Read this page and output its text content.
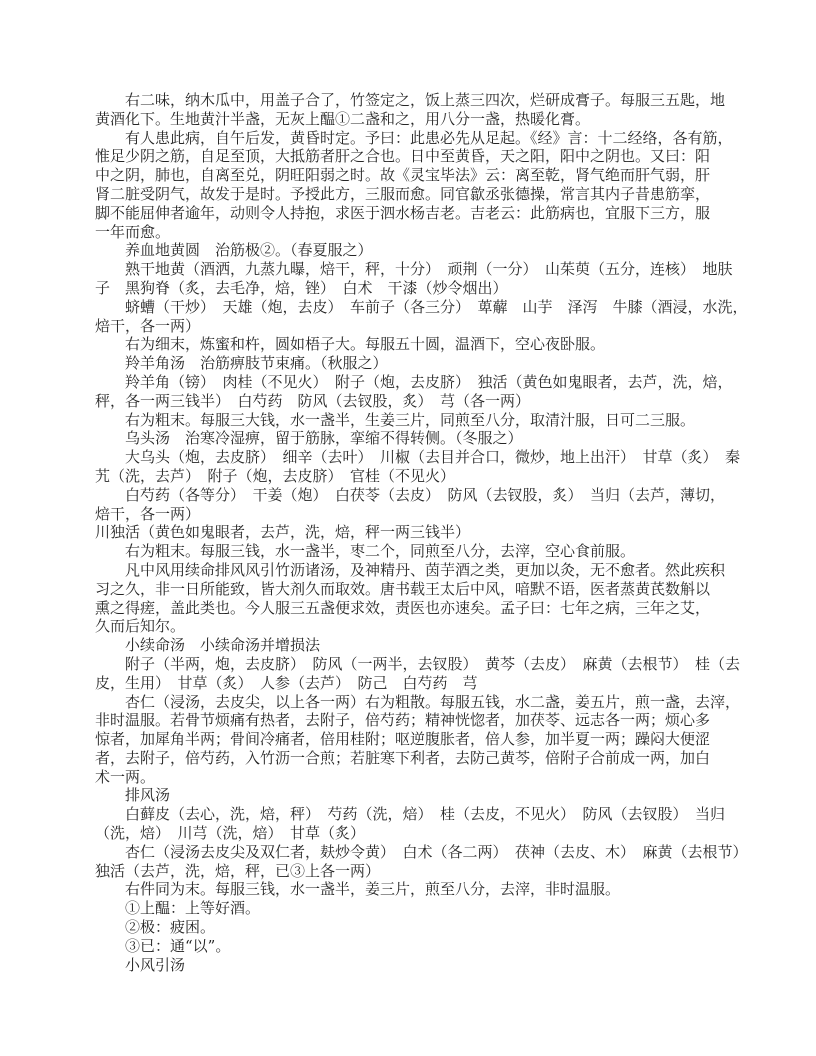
右二味，纳木瓜中，用盖子合了，竹签定之，饭上蒸三四次，烂研成膏子。每服三五匙，地
黄酒化下。生地黄汁半盏，无灰上醖①二盏和之，用八分一盏，热暖化膏。
有人患此病，自午后发，黄昏时定。予曰：此患必先从足起。《经》言：十二经络，各有筋，
惟足少阴之筋，自足至顶，大抵筋者肝之合也。日中至黄昏，天之阳，阳中之阴也。又曰：阳
中之阴，肺也，自离至兑，阴旺阳弱之时。故《灵宝毕法》云：离至乾，肾气绝而肝气弱，肝
肾二脏受阴气，故发于是时。予授此方，三服而愈。同官歙丞张德操，常言其内子昔患筋挛，
脚不能屈伸者逾年，动则令人持抱，求医于泗水杨吉老。吉老云：此筋病也，宜服下三方，服
一年而愈。
养血地黄圆　治筋极②。（春夏服之）
熟干地黄（酒洒，九蒸九曝，焙干，秤，十分）　顽荆（一分）　山茱萸（五分，连核）　地肤
子　黑狗脊（炙，去毛净，焙，锉）　白术　干漆（炒令烟出）
蛴螬（干炒）　天雄（炮，去皮）　车前子（各三分）　萆薢　山芋　泽泻　牛膝（酒浸，水洗，
焙干，各一两）
右为细末，炼蜜和杵，圆如梧子大。每服五十圆，温酒下，空心夜卧服。
羚羊角汤　治筋痹肢节束痛。（秋服之）
羚羊角（镑）　肉桂（不见火）　附子（炮，去皮脐）　独活（黄色如鬼眼者，去芦，洗，焙，
秤，各一两三钱半）　白芍药　防风（去钗股，炙）　芎（各一两）
右为粗末。每服三大钱，水一盏半，生姜三片，同煎至八分，取清汁服，日可二三服。
乌头汤　治寒冷湿痹，留于筋脉，挛缩不得转侧。（冬服之）
大乌头（炮，去皮脐）　细辛（去叶）　川椒（去目并合口，微炒，地上出汗）　甘草（炙）　秦
艽（洗，去芦）　附子（炮，去皮脐）　官桂（不见火）
白芍药（各等分）　干姜（炮）　白茯苓（去皮）　防风（去钗股，炙）　当归（去芦，薄切，
焙干，各一两）
川独活（黄色如鬼眼者，去芦，洗，焙，秤一两三钱半）
右为粗末。每服三钱，水一盏半，枣二个，同煎至八分，去滓，空心食前服。
凡中风用续命排风风引竹沥诸汤，及神精丹、茵芋酒之类，更加以灸，无不愈者。然此疾积
习之久，非一日所能致，皆大剂久而取效。唐书载王太后中风，喑默不语，医者蒸黄芪数斛以
熏之得瘥，盖此类也。今人服三五盏便求效，责医也亦速矣。孟子曰：七年之病，三年之艾，
久而后知尔。
小续命汤　小续命汤并增损法
附子（半两，炮，去皮脐）　防风（一两半，去钗股）　黄芩（去皮）　麻黄（去根节）　桂（去
皮，生用）　甘草（炙）　人参（去芦）　防己　白芍药　芎
杏仁（浸汤，去皮尖，以上各一两）右为粗散。每服五钱，水二盏，姜五片，煎一盏，去滓，
非时温服。若骨节烦痛有热者，去附子，倍芍药；精神恍惚者，加茯苓、远志各一两；烦心多
惊者，加犀角半两；骨间冷痛者，倍用桂附；呕逆腹胀者，倍人参，加半夏一两；躁闷大便涩
者，去附子，倍芍药，入竹沥一合煎；若脏寒下利者，去防己黄芩，倍附子合前成一两，加白
术一两。
排风汤
白藓皮（去心，洗，焙，秤）　芍药（洗，焙）　桂（去皮，不见火）　防风（去钗股）　当归
（洗，焙）　川芎（洗，焙）　甘草（炙）
杏仁（浸汤去皮尖及双仁者，麸炒令黄）　白术（各二两）　茯神（去皮、木）　麻黄（去根节）
独活（去芦，洗，焙，秤，已③上各一两）
右件同为末。每服三钱，水一盏半，姜三片，煎至八分，去滓，非时温服。
①上醖：上等好酒。
②极：疲困。
③已：通“以”。
小风引汤
